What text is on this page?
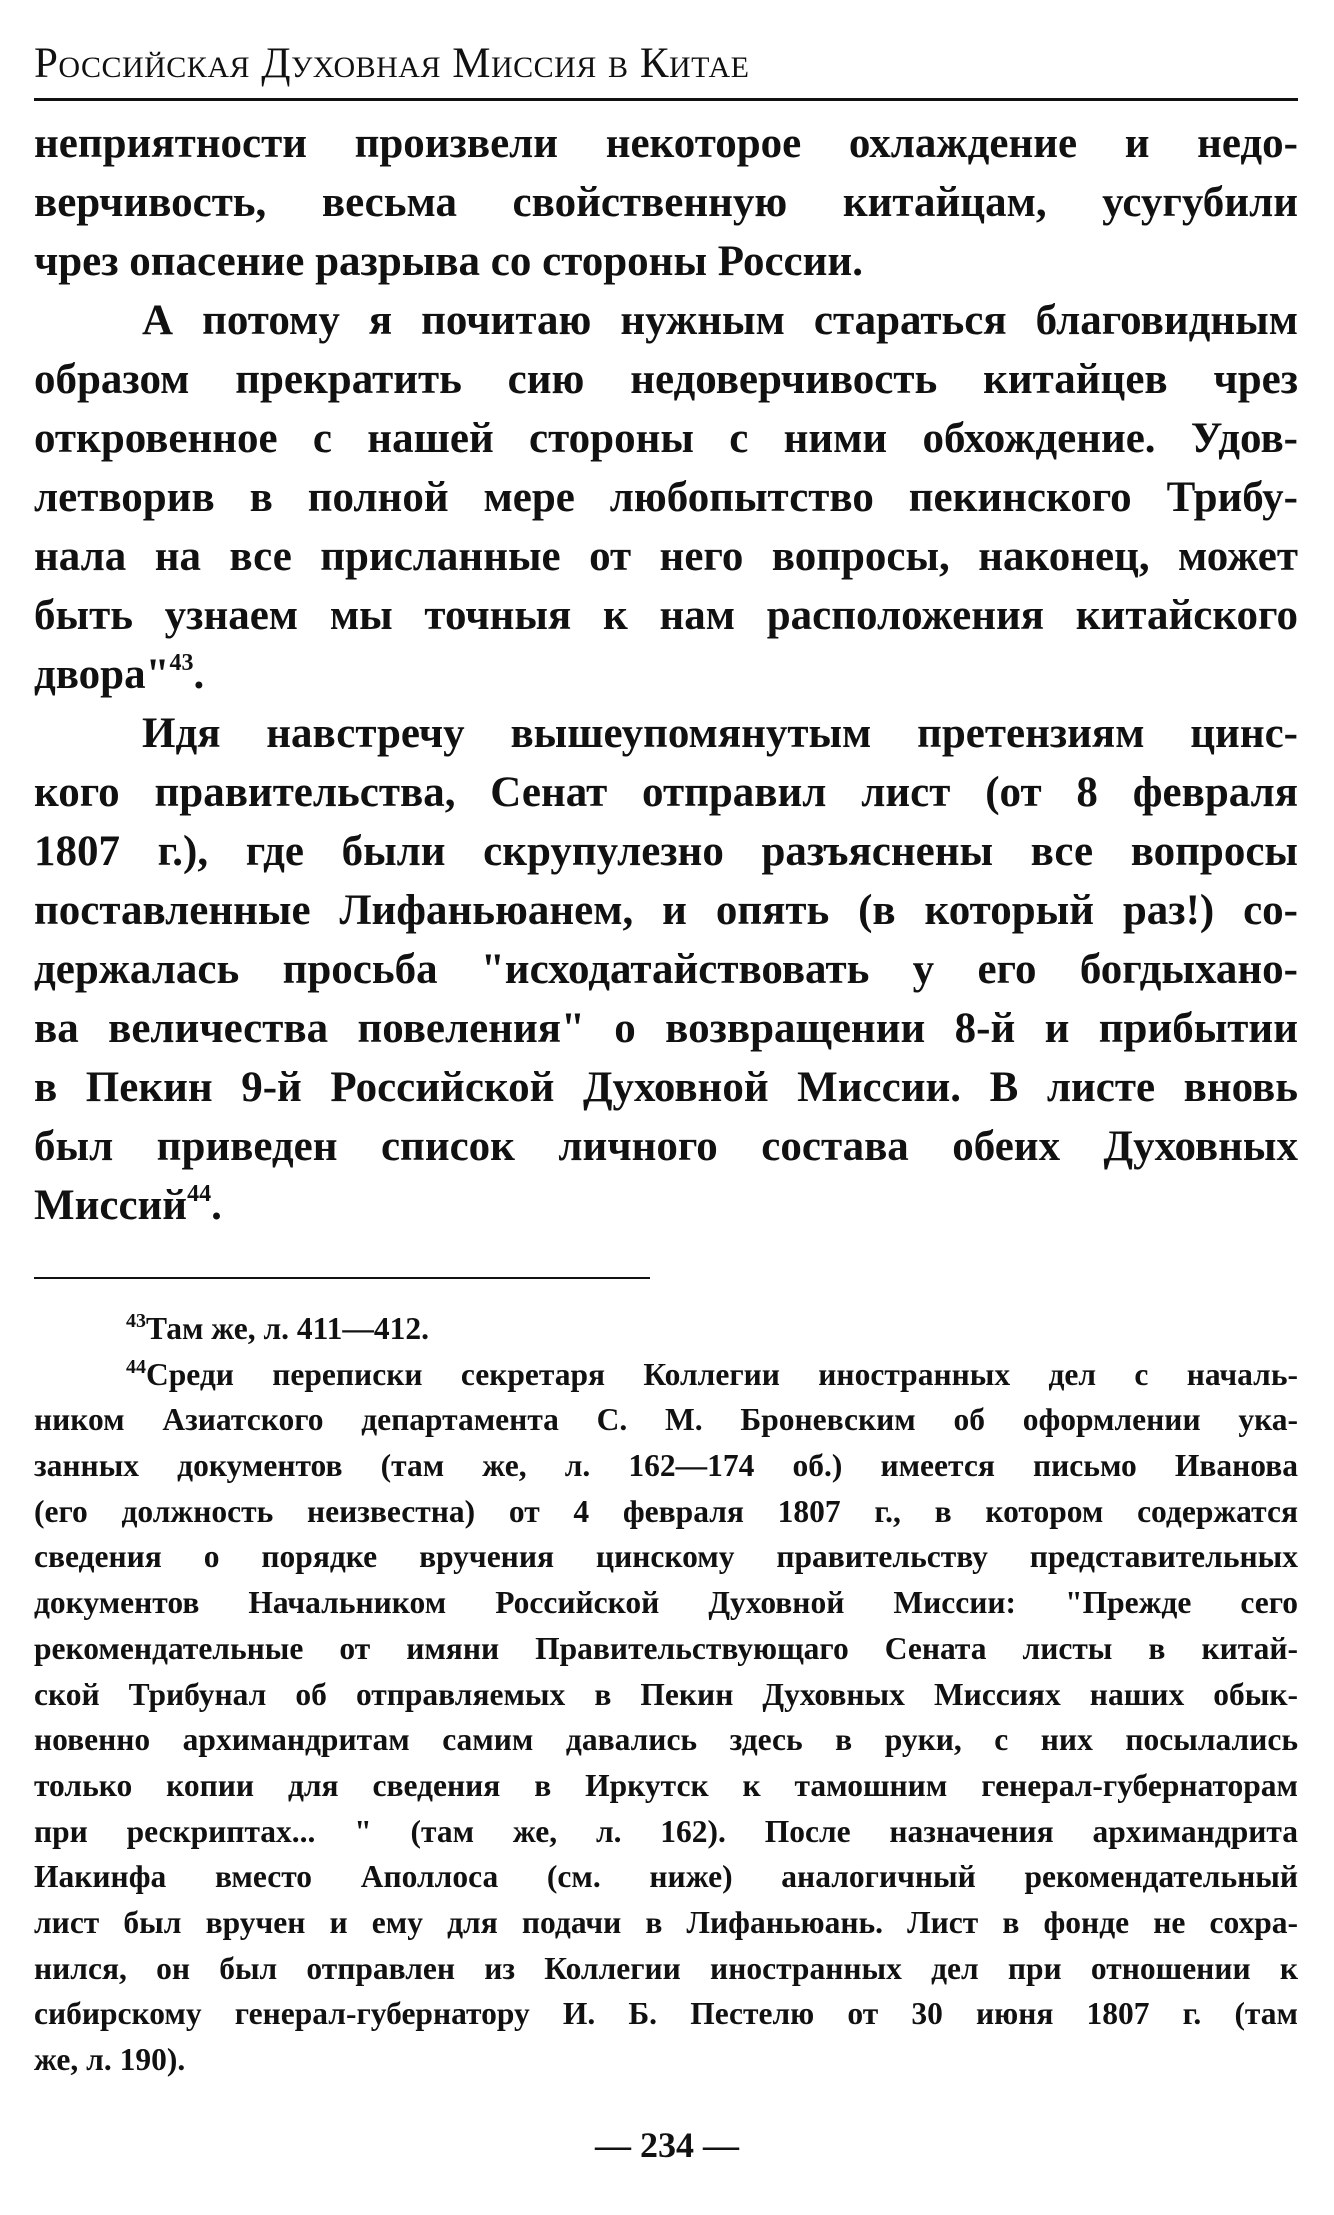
Российская Духовная Миссия в Китае
неприятности произвели некоторое охлаждение и недо-
верчивость, весьма свойственную китайцам, усугубили
чрез опасение разрыва со стороны России.
А потому я почитаю нужным стараться благовидным
образом прекратить сию недоверчивость китайцев чрез
откровенное с нашей стороны с ними обхождение. Удов-
летворив в полной мере любопытство пекинского Трибу-
нала на все присланные от него вопросы, наконец, может
быть узнаем мы точныя к нам расположения китайского
двора"$^{43}$.
Идя навстречу вышеупомянутым претензиям цинс-
кого правительства, Сенат отправил лист (от 8 февраля
1807 г.), где были скрупулезно разъяснены все вопросы
поставленные Лифаньюанем, и опять (в который раз!) со-
держалась просьба "исходатайствовать у его богдыхано-
ва величества повеления" о возвращении 8-й и прибытии
в Пекин 9-й Российской Духовной Миссии. В листе вновь
был приведен список личного состава обеих Духовных
Миссий$^{44}$.
$^{43}$Там же, л. 411—412.
$^{44}$Среди переписки секретаря Коллегии иностранных дел с началь-
ником Азиатского департамента С. М. Броневским об оформлении ука-
занных документов (там же, л. 162—174 об.) имеется письмо Иванова
(его должность неизвестна) от 4 февраля 1807 г., в котором содержатся
сведения о порядке вручения цинскому правительству представительных
документов Начальником Российской Духовной Миссии: "Прежде сего
рекомендательные от имяни Правительствующаго Сената листы в китай-
ской Трибунал об отправляемых в Пекин Духовных Миссиях наших обык-
новенно архимандритам самим давались здесь в руки, с них посылались
только копии для сведения в Иркутск к тамошним генерал-губернаторам
при рескриптах... " (там же, л. 162). После назначения архимандрита
Иакинфа вместо Аполлоса (см. ниже) аналогичный рекомендательный
лист был вручен и ему для подачи в Лифаньюань. Лист в фонде не сохра-
нился, он был отправлен из Коллегии иностранных дел при отношении к
сибирскому генерал-губернатору И. Б. Пестелю от 30 июня 1807 г. (там
же, л. 190).
— 234 —
